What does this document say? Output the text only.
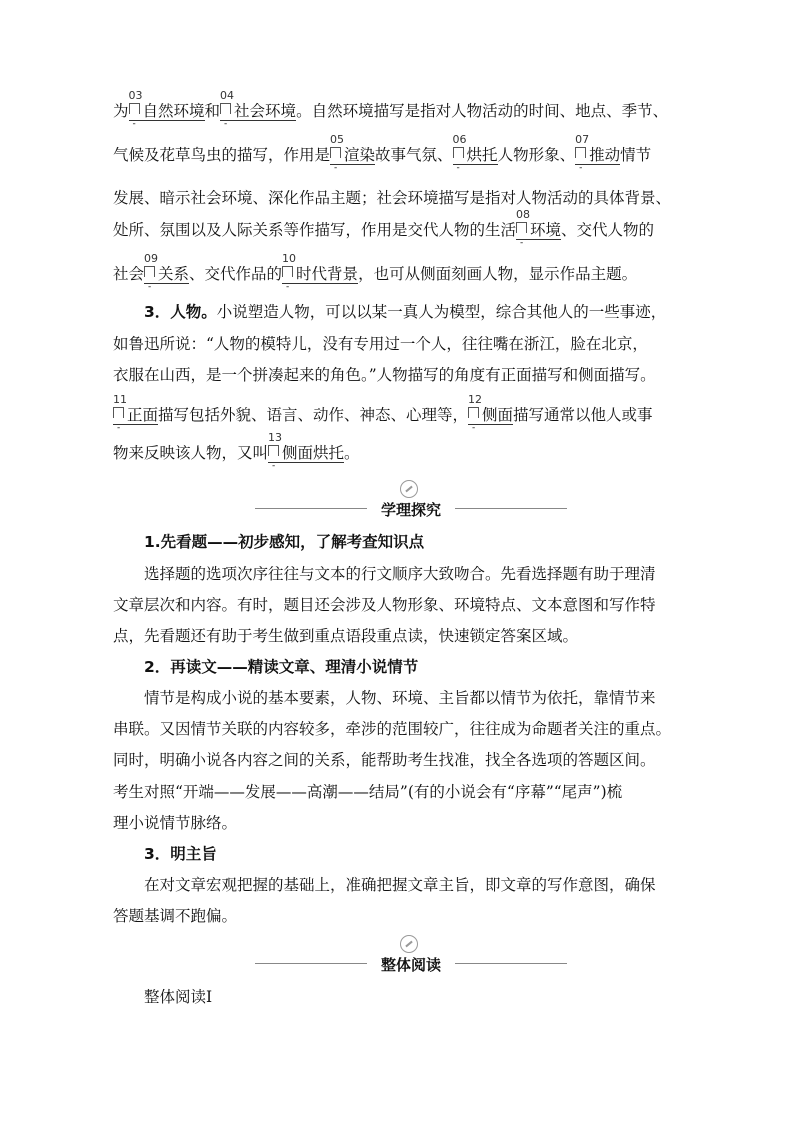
为
03
-
自然环境和
04
-
社会环境。自然环境描写是指对人物活动的时间、地点、季节、
气候及花草鸟虫的描写，作用是
05
-
渲染故事气氛、
06
-
烘托人物形象、
07
-
推动情节
发展、暗示社会环境、深化作品主题；社会环境描写是指对人物活动的具体背景、
处所、氛围以及人际关系等作描写，作用是交代人物的生活
08
-
环境、交代人物的
社会
09
-
关系、交代作品的
10
-
时代背景，也可从侧面刻画人物，显示作品主题。
3．人物。小说塑造人物，可以以某一真人为模型，综合其他人的一些事迹，
如鲁迅所说：“人物的模特儿，没有专用过一个人，往往嘴在浙江，脸在北京，
衣服在山西，是一个拼凑起来的角色。”人物描写的角度有正面描写和侧面描写。
11
-
正面描写包括外貌、语言、动作、神态、心理等，
12
-
侧面描写通常以他人或事
物来反映该人物，又叫
13
-
侧面烘托。
学理探究
1.先看题——初步感知，了解考查知识点
选择题的选项次序往往与文本的行文顺序大致吻合。先看选择题有助于理清
文章层次和内容。有时，题目还会涉及人物形象、环境特点、文本意图和写作特
点，先看题还有助于考生做到重点语段重点读，快速锁定答案区域。
2．再读文——精读文章、理清小说情节
情节是构成小说的基本要素，人物、环境、主旨都以情节为依托，靠情节来
串联。又因情节关联的内容较多，牵涉的范围较广，往往成为命题者关注的重点。
同时，明确小说各内容之间的关系，能帮助考生找准，找全各选项的答题区间。
考生对照“开端——发展——高潮——结局”(有的小说会有“序幕”“尾声”)梳
理小说情节脉络。
3．明主旨
在对文章宏观把握的基础上，准确把握文章主旨，即文章的写作意图，确保
答题基调不跑偏。
整体阅读
整体阅读Ⅰ
